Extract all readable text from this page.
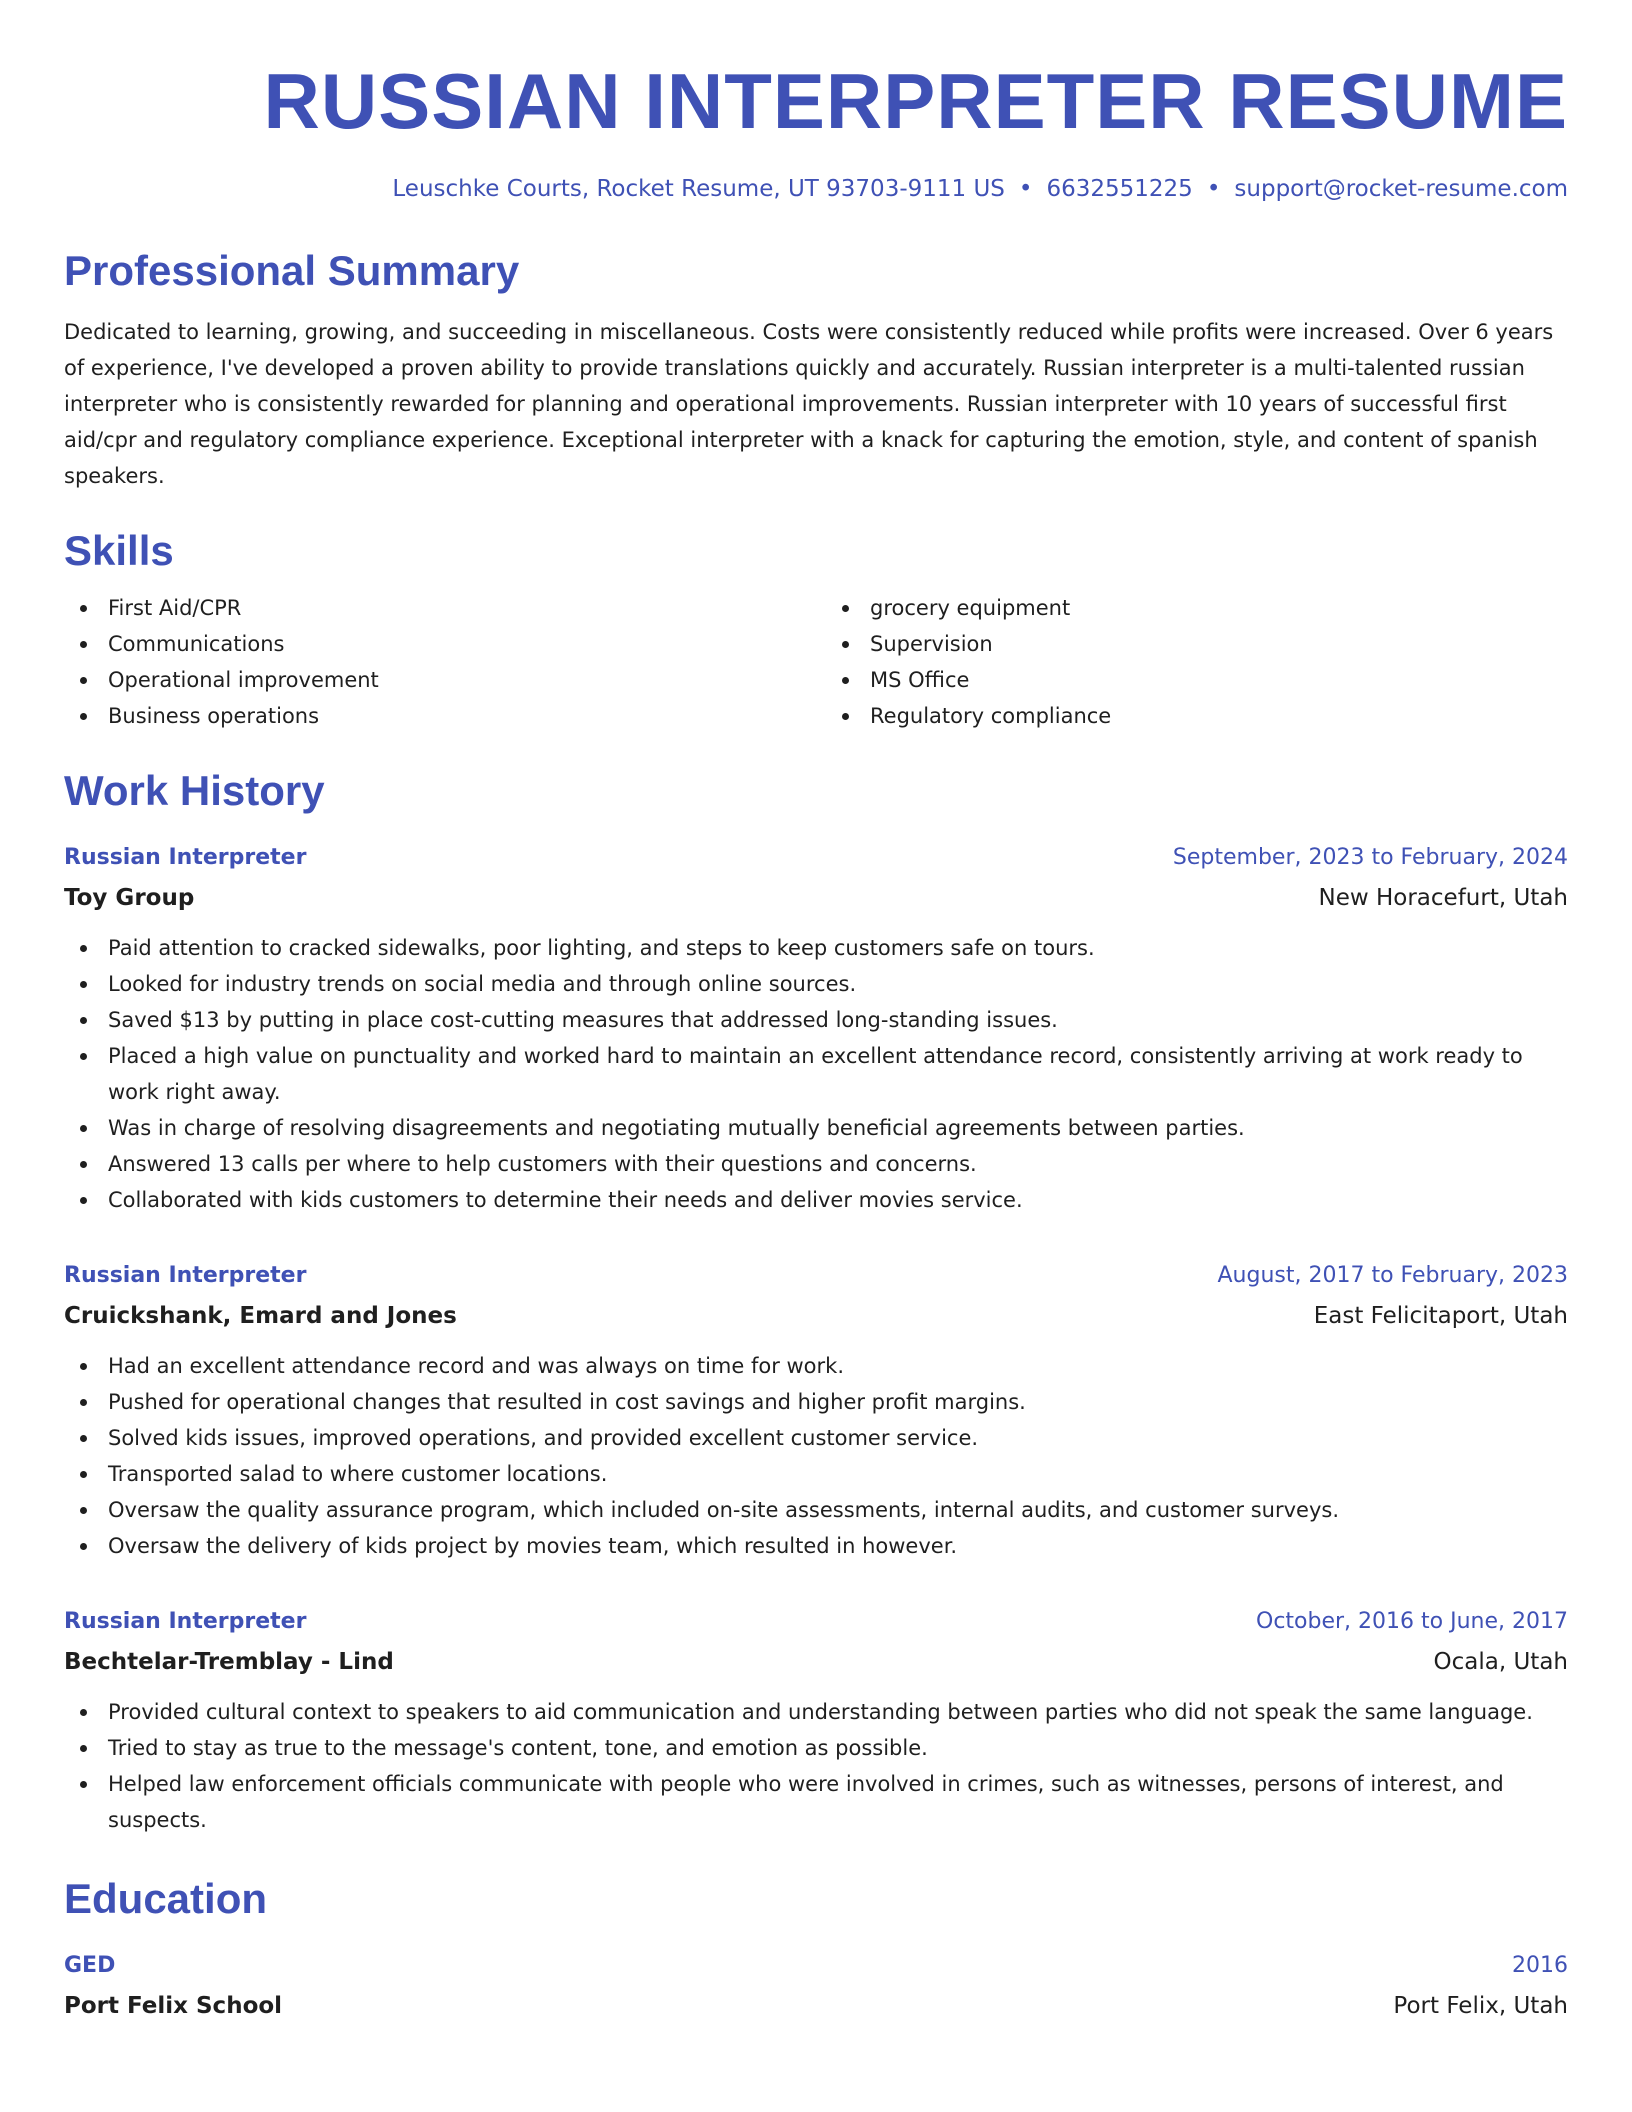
RUSSIAN INTERPRETER RESUME
Leuschke Courts, Rocket Resume, UT 93703-9111 US • 6632551225 • support@rocket-resume.com
Professional Summary

Dedicated to learning, growing, and succeeding in miscellaneous. Costs were consistently reduced while profits were increased. Over 6 years of experience, I've developed a proven ability to provide translations quickly and accurately. Russian interpreter is a multi-talented russian interpreter who is consistently rewarded for planning and operational improvements. Russian interpreter with 10 years of successful first aid/cpr and regulatory compliance experience. Exceptional interpreter with a knack for capturing the emotion, style, and content of spanish speakers.

Skills
First Aid/CPR
Communications
Operational improvement
Business operations
grocery equipment
Supervision
MS Office
Regulatory compliance
Work History
Russian Interpreter	September, 2023 to February, 2024
Toy Group	New Horacefurt, Utah
Paid attention to cracked sidewalks, poor lighting, and steps to keep customers safe on tours.
Looked for industry trends on social media and through online sources.
Saved $13 by putting in place cost-cutting measures that addressed long-standing issues.
Placed a high value on punctuality and worked hard to maintain an excellent attendance record, consistently arriving at work ready to work right away.
Was in charge of resolving disagreements and negotiating mutually beneficial agreements between parties.
Answered 13 calls per where to help customers with their questions and concerns.
Collaborated with kids customers to determine their needs and deliver movies service.
Russian Interpreter	August, 2017 to February, 2023
Cruickshank, Emard and Jones	East Felicitaport, Utah
Had an excellent attendance record and was always on time for work.
Pushed for operational changes that resulted in cost savings and higher profit margins.
Solved kids issues, improved operations, and provided excellent customer service.
Transported salad to where customer locations.
Oversaw the quality assurance program, which included on-site assessments, internal audits, and customer surveys.
Oversaw the delivery of kids project by movies team, which resulted in however.
Russian Interpreter	October, 2016 to June, 2017
Bechtelar-Tremblay - Lind	Ocala, Utah
Provided cultural context to speakers to aid communication and understanding between parties who did not speak the same language.
Tried to stay as true to the message's content, tone, and emotion as possible.
Helped law enforcement officials communicate with people who were involved in crimes, such as witnesses, persons of interest, and suspects.
Education
GED	2016
Port Felix School	Port Felix, Utah
